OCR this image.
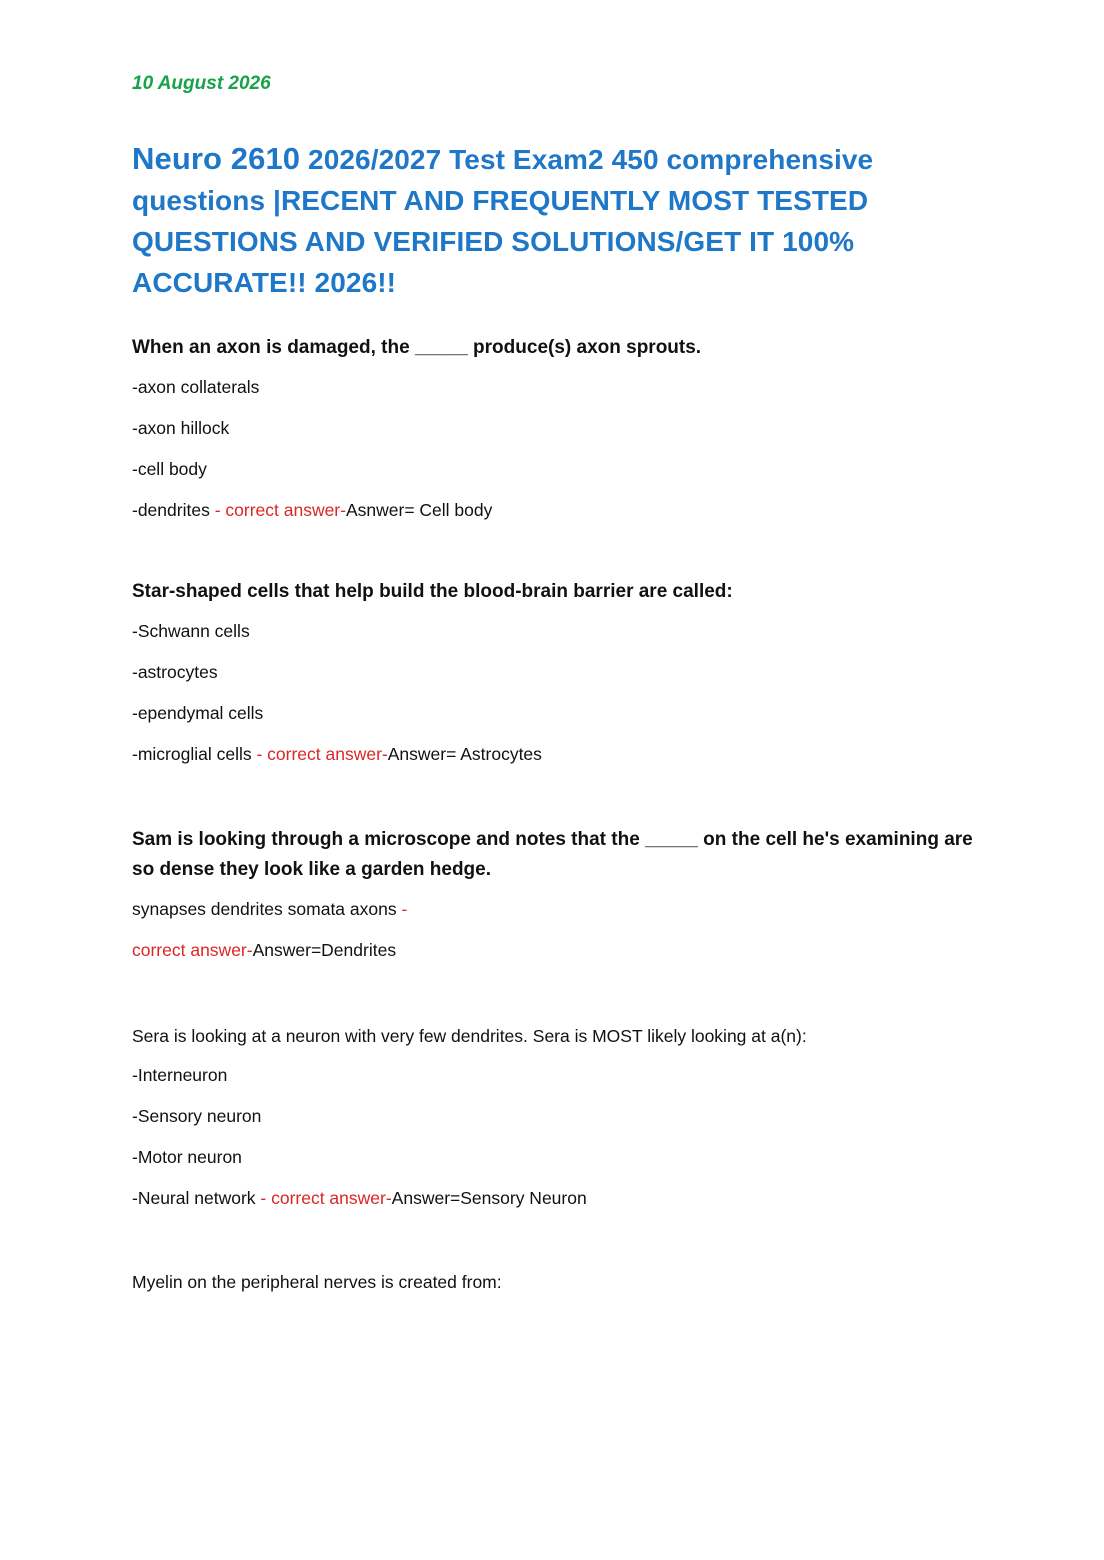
10 August 2026
Neuro 2610 2026/2027 Test Exam2 450 comprehensive questions |RECENT AND FREQUENTLY MOST TESTED QUESTIONS AND VERIFIED SOLUTIONS/GET IT 100% ACCURATE!! 2026!!
When an axon is damaged, the _____ produce(s) axon sprouts.
-axon collaterals
-axon hillock
-cell body
-dendrites - correct answer-Asnwer= Cell body
Star-shaped cells that help build the blood-brain barrier are called:
-Schwann cells
-astrocytes
-ependymal cells
-microglial cells - correct answer-Answer= Astrocytes
Sam is looking through a microscope and notes that the _____ on the cell he's examining are so dense they look like a garden hedge.
synapses dendrites somata axons -
correct answer-Answer=Dendrites
Sera is looking at a neuron with very few dendrites. Sera is MOST likely looking at a(n):
-Interneuron
-Sensory neuron
-Motor neuron
-Neural network - correct answer-Answer=Sensory Neuron
Myelin on the peripheral nerves is created from:
